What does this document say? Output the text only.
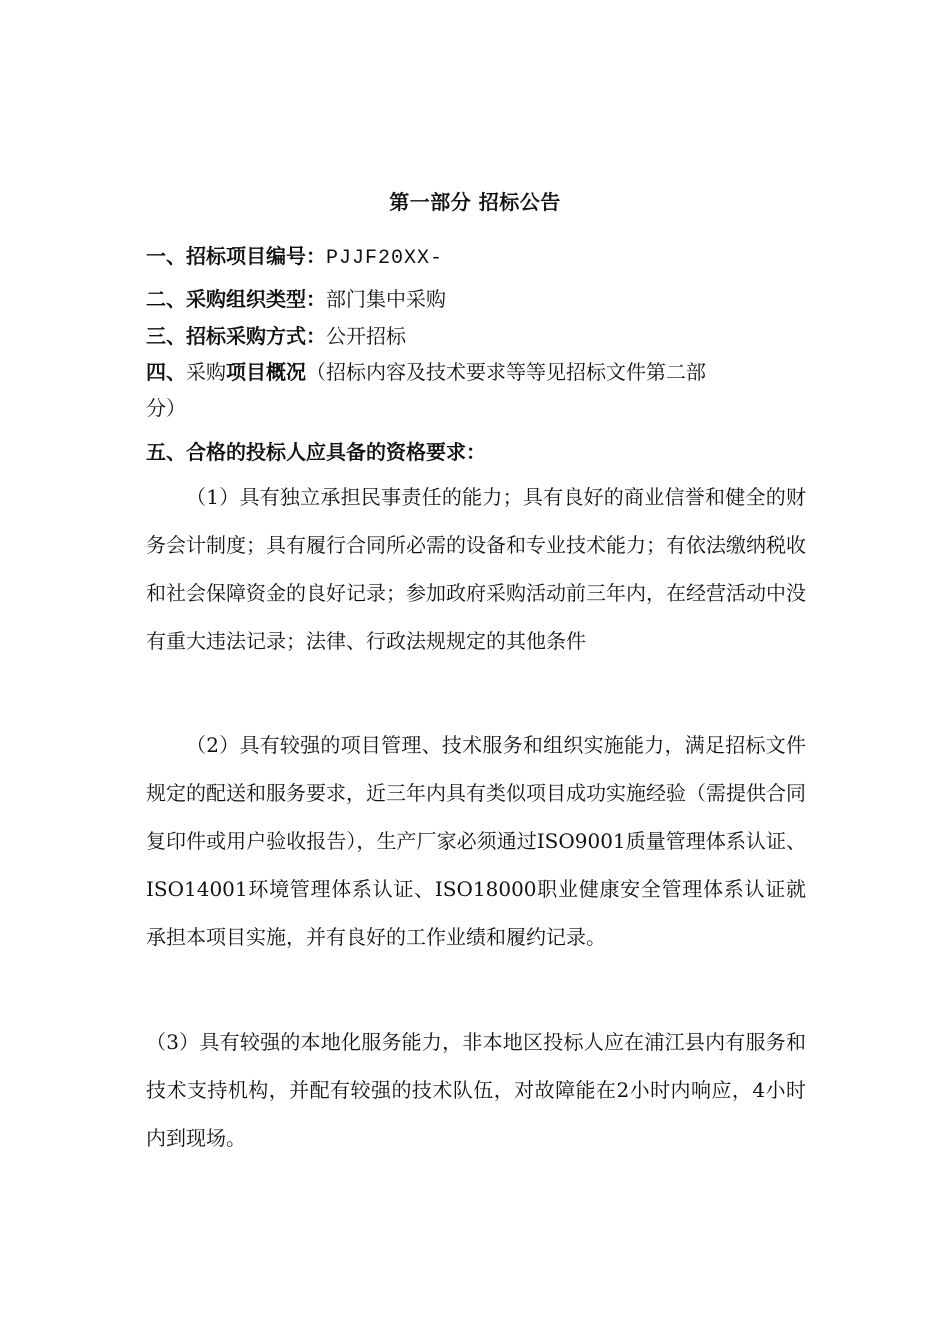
第一部分 招标公告
一、招标项目编号：PJJF20XX-
二、采购组织类型：部门集中采购
三、招标采购方式：公开招标
四、采购项目概况（招标内容及技术要求等等见招标文件第二部
分）
五、合格的投标人应具备的资格要求：
（1）具有独立承担民事责任的能力；具有良好的商业信誉和健全的财务会计制度；具有履行合同所必需的设备和专业技术能力；有依法缴纳税收和社会保障资金的良好记录；参加政府采购活动前三年内，在经营活动中没有重大违法记录；法律、行政法规规定的其他条件
（2）具有较强的项目管理、技术服务和组织实施能力，满足招标文件规定的配送和服务要求，近三年内具有类似项目成功实施经验（需提供合同复印件或用户验收报告），生产厂家必须通过ISO9001质量管理体系认证、ISO14001环境管理体系认证、ISO18000职业健康安全管理体系认证就承担本项目实施，并有良好的工作业绩和履约记录。
（3）具有较强的本地化服务能力，非本地区投标人应在浦江县内有服务和技术支持机构，并配有较强的技术队伍，对故障能在2小时内响应，4小时内到现场。
